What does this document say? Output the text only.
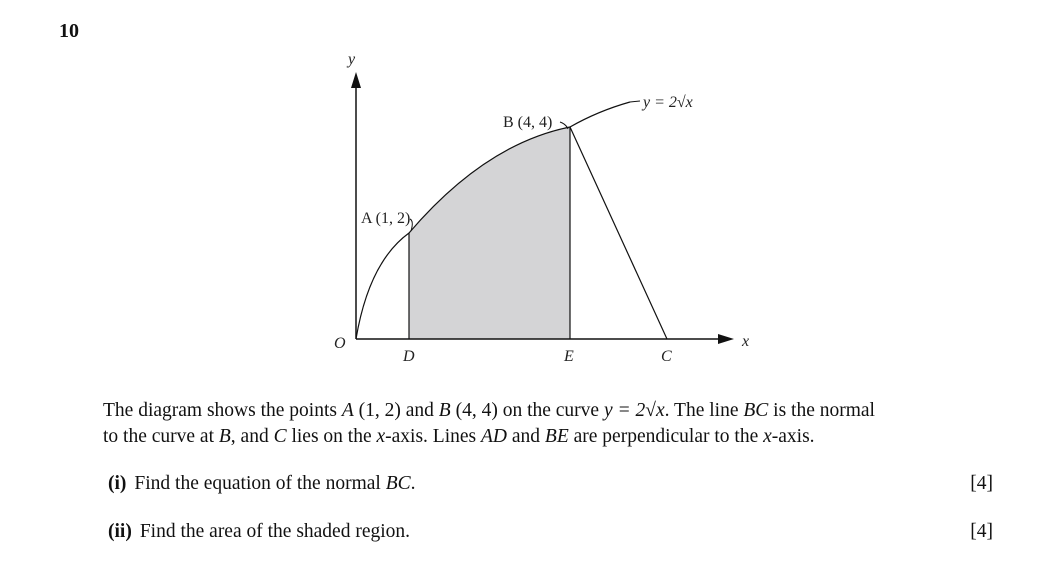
10
y
x
O
y = 2√x
B (4, 4)
A (1, 2)
D	E	C

The diagram shows the points A (1, 2) and B (4, 4) on the curve y = 2√x. The line BC is the normal

to the curve at B, and C lies on the x-axis. Lines AD and BE are perpendicular to the x-axis.

(i) Find the equation of the normal BC.	[4]
(ii) Find the area of the shaded region.	[4]
